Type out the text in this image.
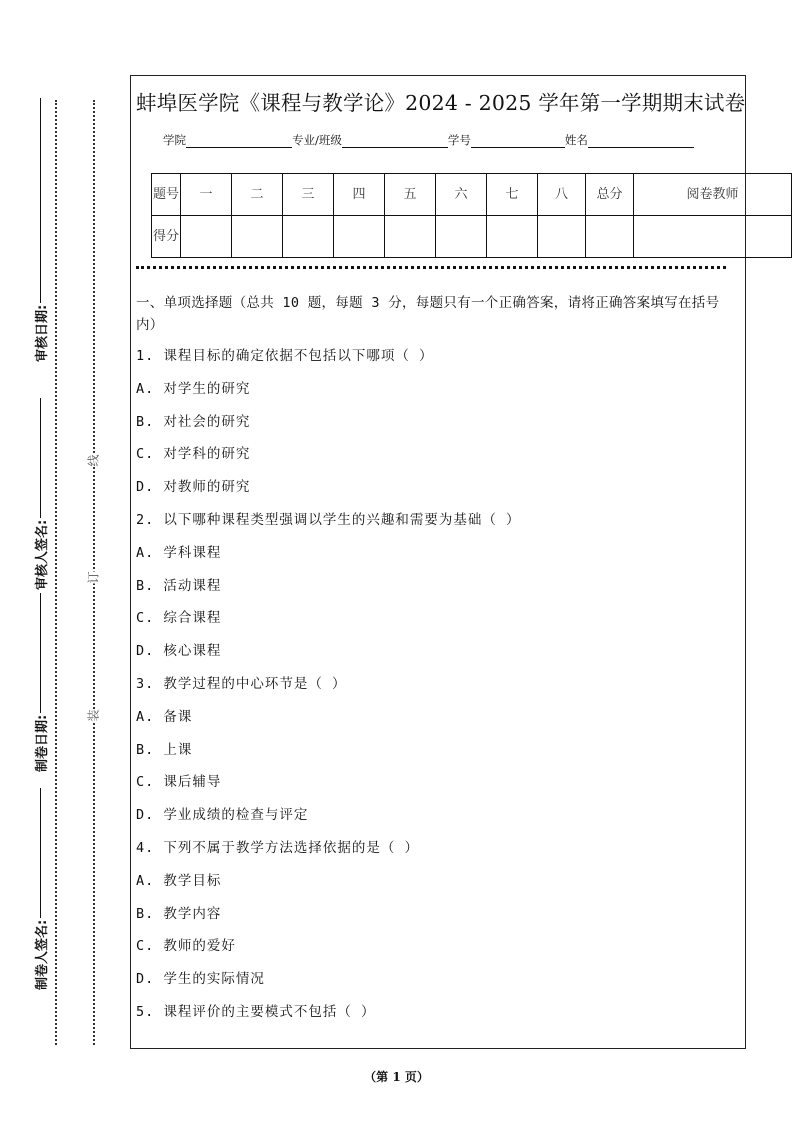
制卷人签名:
制卷日期:
审核人签名:
审核日期:
装
订
线
蚌埠医学院《课程与教学论》2024 - 2025 学年第一学期期末试卷
学院	专业/班级	学号	姓名
题号	一	二	三	四	五	六	七	八	总分	阅卷教师
得分										
一、单项选择题（总共 10 题，每题 3 分，每题只有一个正确答案，请将正确答案填写在括号内）
1. 课程目标的确定依据不包括以下哪项（ ）
A. 对学生的研究
B. 对社会的研究
C. 对学科的研究
D. 对教师的研究
2. 以下哪种课程类型强调以学生的兴趣和需要为基础（ ）
A. 学科课程
B. 活动课程
C. 综合课程
D. 核心课程
3. 教学过程的中心环节是（ ）
A. 备课
B. 上课
C. 课后辅导
D. 学业成绩的检查与评定
4. 下列不属于教学方法选择依据的是（ ）
A. 教学目标
B. 教学内容
C. 教师的爱好
D. 学生的实际情况
5. 课程评价的主要模式不包括（ ）
（第 1 页）
